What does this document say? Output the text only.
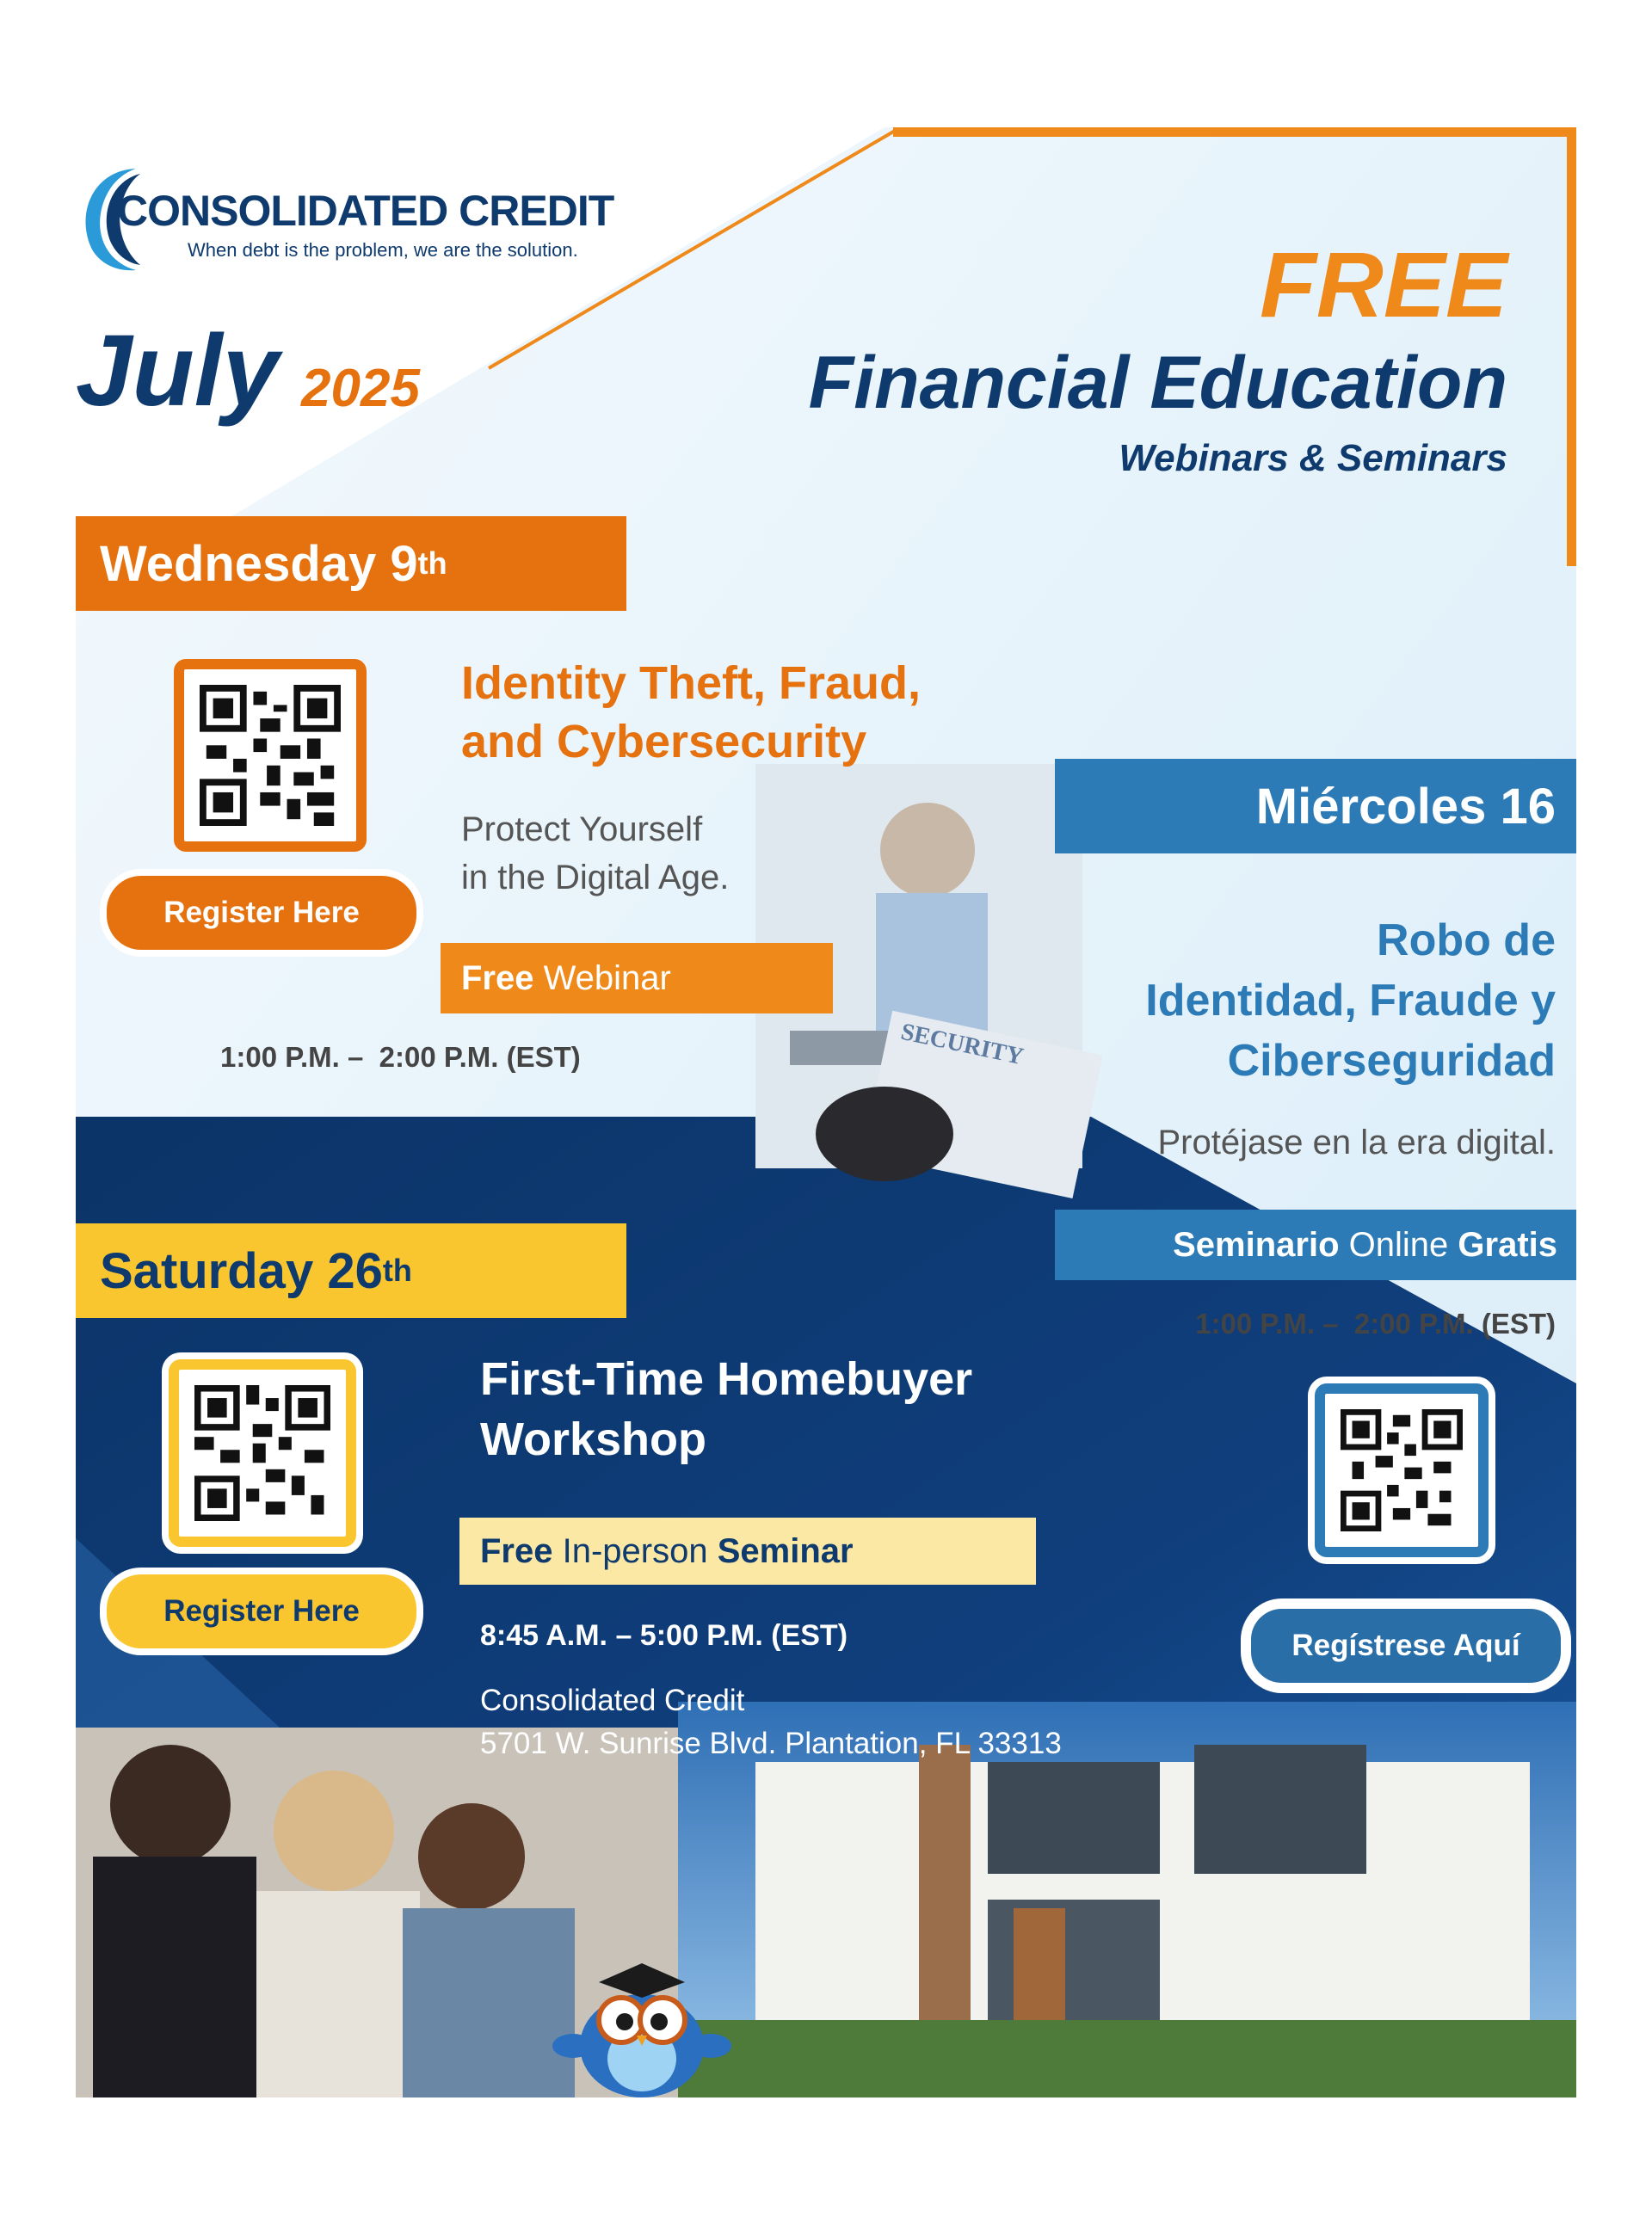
SECURITY
CONSOLIDATED CREDIT
When debt is the problem, we are the solution.
July 2025
FREE
Financial Education
Webinars & Seminars
Wednesday 9 th
Register Here
Identity Theft, Fraud,
and Cybersecurity
Protect Yourself
in the Digital Age.
Free Webinar
1:00 P.M. –  2:00 P.M. (EST)
Miércoles 16
Robo de
Identidad, Fraude y
Ciberseguridad
Protéjase en la era digital.
Seminario Online Gratis
1:00 P.M. –  2:00 P.M. (EST)
Regístrese Aquí
Saturday 26 th
Register Here
First-Time Homebuyer
Workshop
Free In-person Seminar
8:45 A.M. – 5:00 P.M. (EST)
Consolidated Credit
5701 W. Sunrise Blvd. Plantation, FL 33313
